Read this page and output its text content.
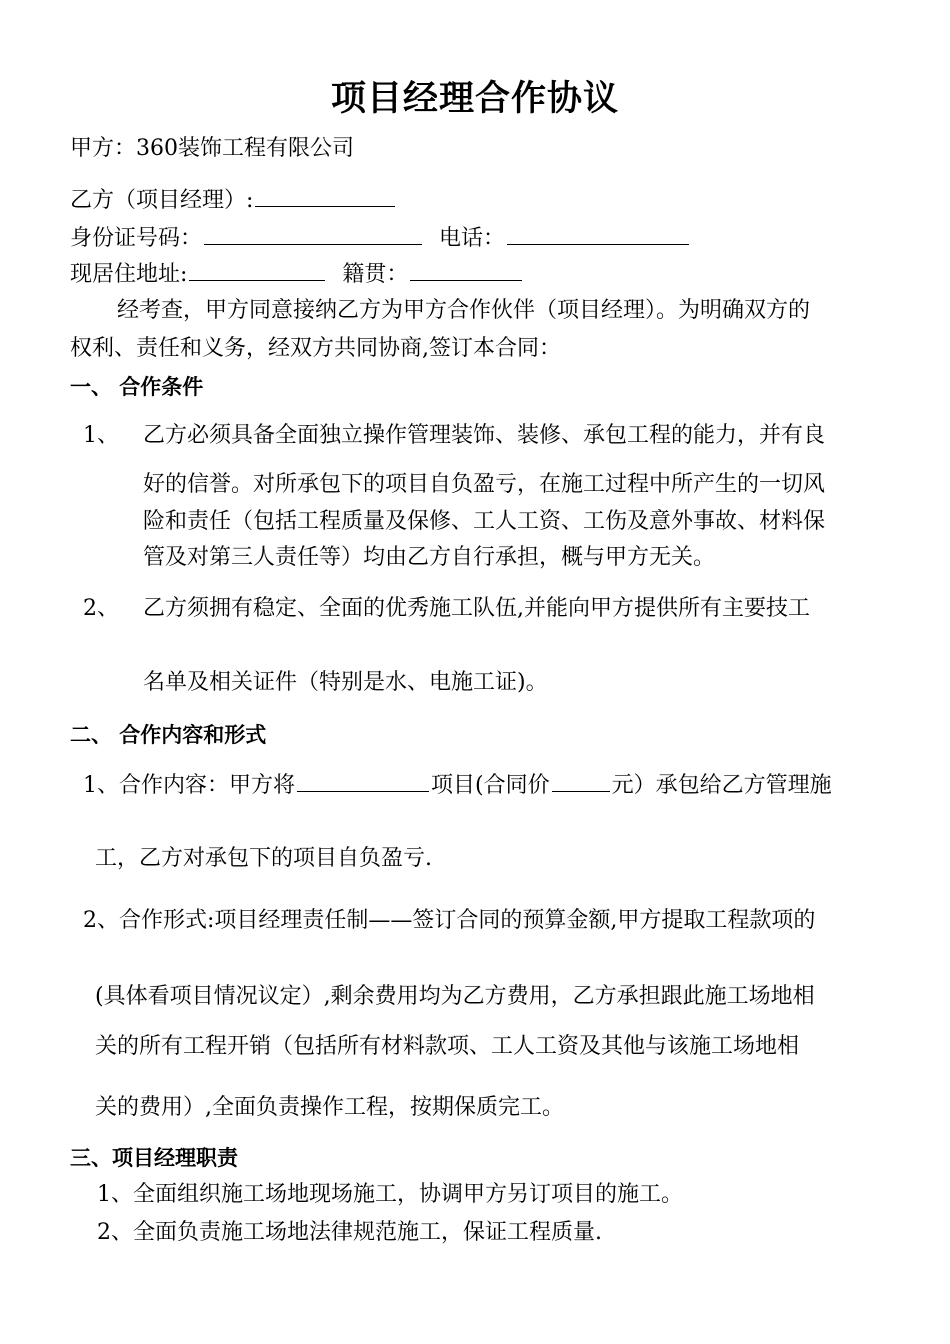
项目经理合作协议
甲方：360装饰工程有限公司
乙方（项目经理）:
身份证号码：	电话：
现居住地址:	籍贯：
经考查，甲方同意接纳乙方为甲方合作伙伴（项目经理）。为明确双方的
权利、责任和义务，经双方共同协商,签订本合同：
一、 合作条件
1、 乙方必须具备全面独立操作管理装饰、装修、承包工程的能力，并有良
好的信誉。对所承包下的项目自负盈亏，在施工过程中所产生的一切风
险和责任（包括工程质量及保修、工人工资、工伤及意外事故、材料保
管及对第三人责任等）均由乙方自行承担，概与甲方无关。
2、 乙方须拥有稳定、全面的优秀施工队伍,并能向甲方提供所有主要技工
名单及相关证件（特别是水、电施工证)。
二、 合作内容和形式
1、合作内容：甲方将	项目(合同价	元）承包给乙方管理施
工，乙方对承包下的项目自负盈亏.
2、合作形式:项目经理责任制——签订合同的预算金额,甲方提取工程款项的
(具体看项目情况议定）,剩余费用均为乙方费用，乙方承担跟此施工场地相
关的所有工程开销（包括所有材料款项、工人工资及其他与该施工场地相
关的费用）,全面负责操作工程，按期保质完工。
三、项目经理职责
1、全面组织施工场地现场施工，协调甲方另订项目的施工。
2、全面负责施工场地法律规范施工，保证工程质量.
